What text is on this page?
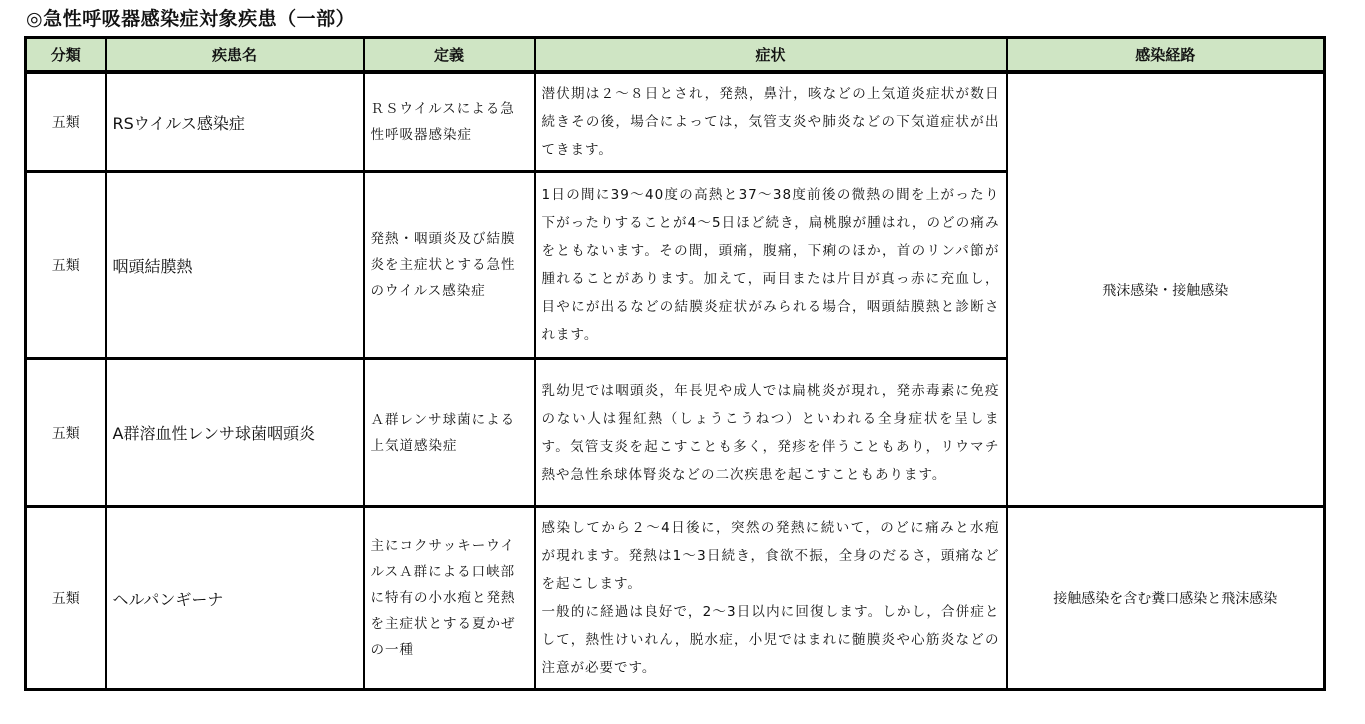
◎急性呼吸器感染症対象疾患（一部）
分類	疾患名	定義	症状	感染経路
五類	RSウイルス感染症	ＲＳウイルスによる急性呼吸器感染症	潜伏期は２～８日とされ，発熱，鼻汁，咳などの上気道炎症状が数日続きその後，場合によっては，気管支炎や肺炎などの下気道症状が出てきます。	飛沫感染・接触感染
五類	咽頭結膜熱	発熱・咽頭炎及び結膜炎を主症状とする急性のウイルス感染症	1日の間に39～40度の高熱と37～38度前後の微熱の間を上がったり下がったりすることが4～5日ほど続き，扁桃腺が腫はれ，のどの痛みをともないます。その間，頭痛，腹痛，下痢のほか，首のリンパ節が腫れることがあります。加えて，両目または片目が真っ赤に充血し，目やにが出るなどの結膜炎症状がみられる場合，咽頭結膜熱と診断されます。	

五類	A群溶血性レンサ球菌咽頭炎	Ａ群レンサ球菌による上気道感染症	乳幼児では咽頭炎，年長児や成人では扁桃炎が現れ，発赤毒素に免疫のない人は猩紅熱（しょうこうねつ）といわれる全身症状を呈します。気管支炎を起こすことも多く，発疹を伴うこともあり，リウマチ熱や急性糸球体腎炎などの二次疾患を起こすこともあります。	

五類	ヘルパンギーナ	主にコクサッキーウイルスＡ群による口峡部に特有の小水疱と発熱を主症状とする夏かぜの一種	感染してから２～4日後に，突然の発熱に続いて，のどに痛みと水疱が現れます。発熱は1～3日続き，食欲不振，全身のだるさ，頭痛などを起こします。
一般的に経過は良好で，2～3日以内に回復します。しかし，合併症として，熱性けいれん，脱水症，小児ではまれに髄膜炎や心筋炎などの注意が必要です。	接触感染を含む糞口感染と飛沫感染
